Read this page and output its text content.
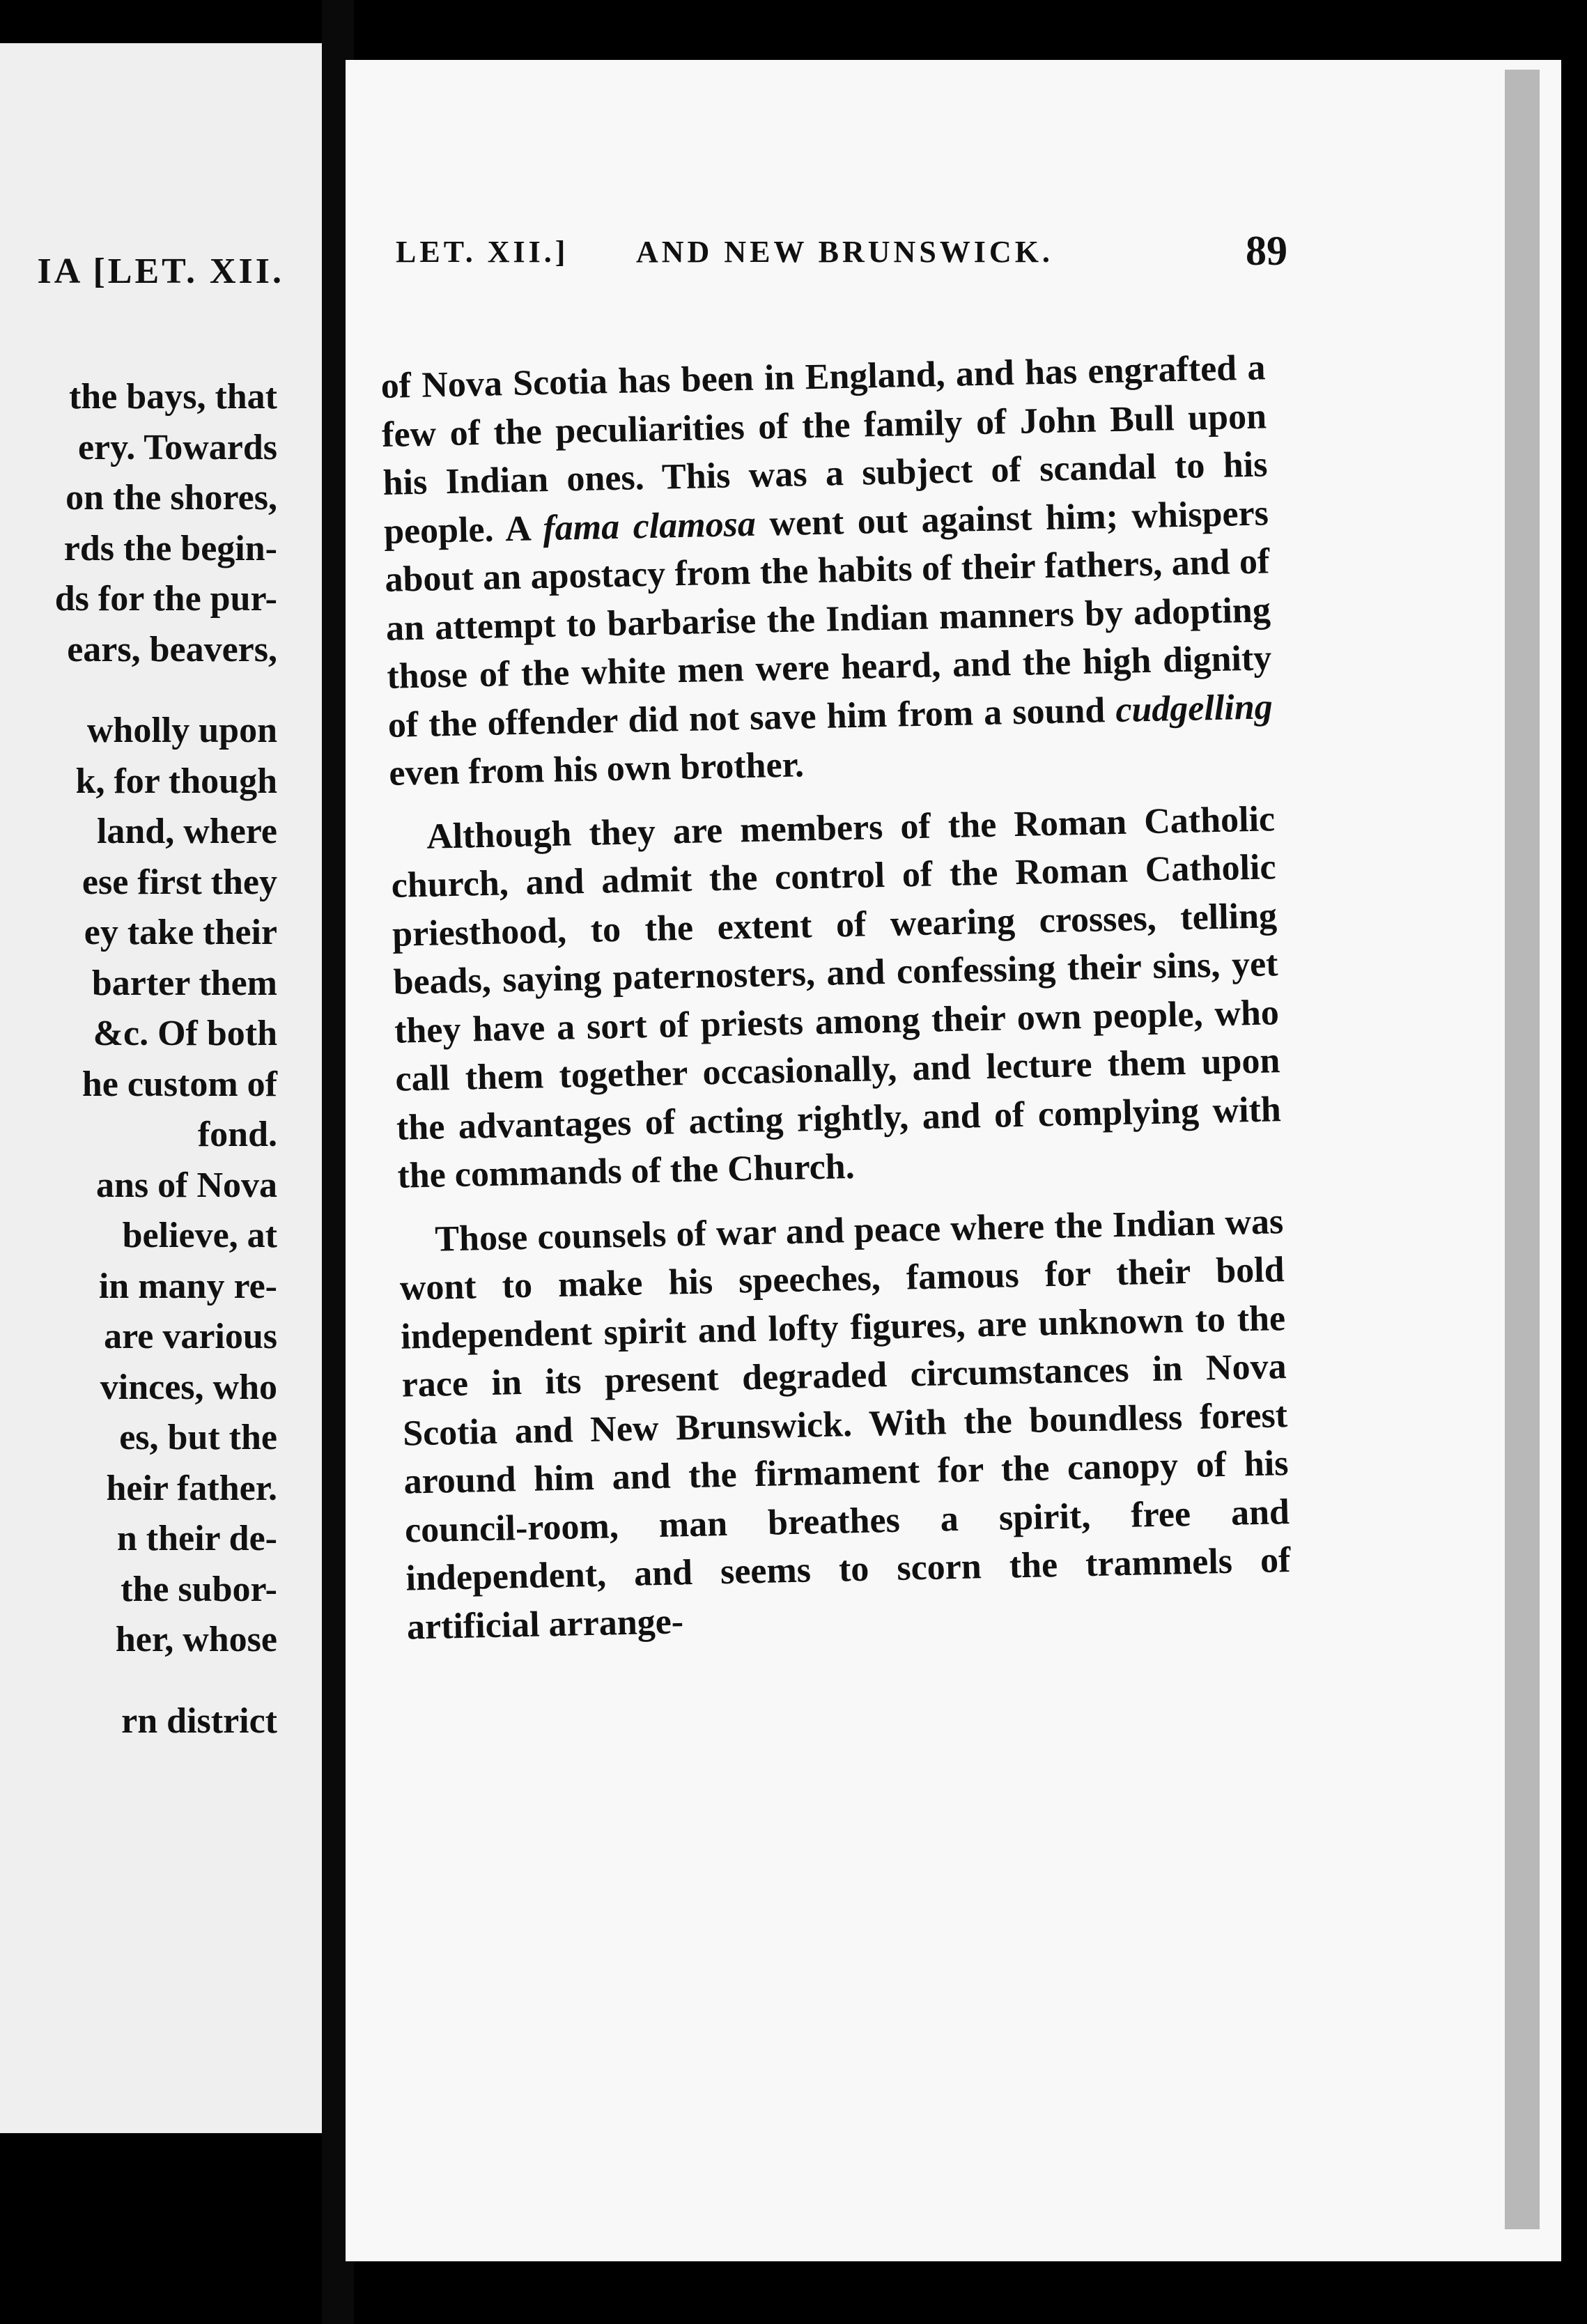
IA [LET. XII.
the bays, that
ery. Towards
on the shores,
rds the begin-
ds for the pur-
ears, beavers,
wholly upon
k, for though
land, where
ese first they
ey take their
barter them
&c. Of both
he custom of
fond.
ans of Nova
believe, at
in many re-
are various
vinces, who
es, but the
heir father.
n their de-
the subor-
her, whose
rn district
LET. XII.] AND NEW BRUNSWICK.	89

of Nova Scotia has been in England, and has engrafted a few of the peculiarities of the family of John Bull upon his Indian ones. This was a subject of scandal to his people. A fama clamosa went out against him; whispers about an apostacy from the habits of their fathers, and of an attempt to barbarise the Indian manners by adopting those of the white men were heard, and the high dignity of the offender did not save him from a sound cudgelling even from his own brother.

Although they are members of the Roman Catholic church, and admit the control of the Roman Catholic priesthood, to the extent of wearing crosses, telling beads, saying paternosters, and confessing their sins, yet they have a sort of priests among their own people, who call them together occasionally, and lecture them upon the advantages of acting rightly, and of complying with the commands of the Church.

Those counsels of war and peace where the Indian was wont to make his speeches, famous for their bold independent spirit and lofty figures, are unknown to the race in its present degraded circumstances in Nova Scotia and New Brunswick. With the boundless forest around him and the firmament for the canopy of his council-room, man breathes a spirit, free and independent, and seems to scorn the trammels of artificial arrange-
